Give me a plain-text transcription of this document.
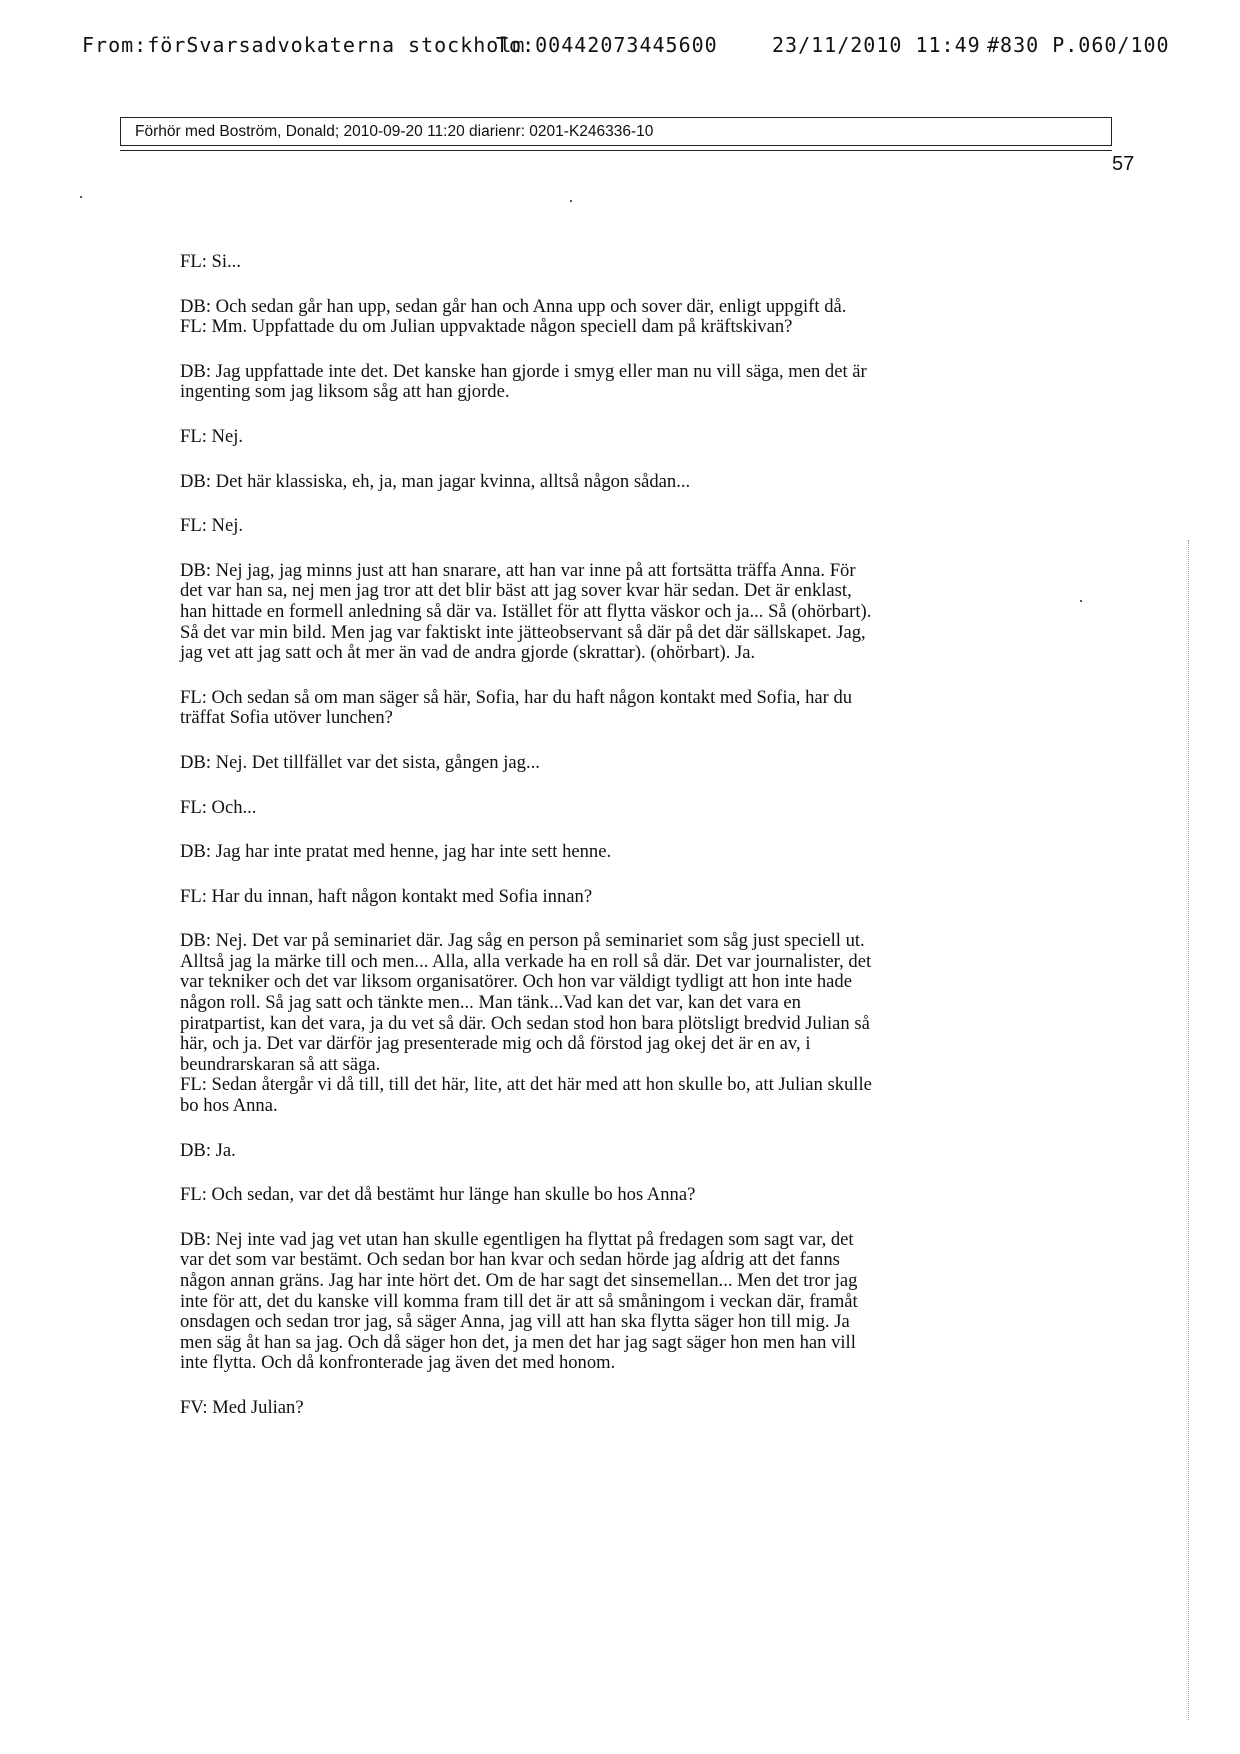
From:förSvarsadvokaterna stockholm

To:00442073445600

	23/11/2010 11:49

#830 P.060/100

Förhör med Boström, Donald; 2010-09-20 11:20 diarienr: 0201-K246336-10
57

FL: Si...

DB: Och sedan går han upp, sedan går han och Anna upp och sover där, enligt uppgift då.

FL: Mm. Uppfattade du om Julian uppvaktade någon speciell dam på kräftskivan?

DB: Jag uppfattade inte det. Det kanske han gjorde i smyg eller man nu vill säga, men det är
ingenting som jag liksom såg att han gjorde.

FL: Nej.

DB: Det här klassiska, eh, ja, man jagar kvinna, alltså någon sådan...

FL: Nej.

DB: Nej jag, jag minns just att han snarare, att han var inne på att fortsätta träffa Anna. För
det var han sa, nej men jag tror att det blir bäst att jag sover kvar här sedan. Det är enklast,
han hittade en formell anledning så där va. Istället för att flytta väskor och ja... Så (ohörbart).
Så det var min bild. Men jag var faktiskt inte jätteobservant så där på det där sällskapet. Jag,
jag vet att jag satt och åt mer än vad de andra gjorde (skrattar). (ohörbart). Ja.

FL: Och sedan så om man säger så här, Sofia, har du haft någon kontakt med Sofia, har du
träffat Sofia utöver lunchen?

DB: Nej. Det tillfället var det sista, gången jag...

FL: Och...

DB: Jag har inte pratat med henne, jag har inte sett henne.

FL: Har du innan, haft någon kontakt med Sofia innan?

DB: Nej. Det var på seminariet där. Jag såg en person på seminariet som såg just speciell ut.
Alltså jag la märke till och men... Alla, alla verkade ha en roll så där. Det var journalister, det
var tekniker och det var liksom organisatörer. Och hon var väldigt tydligt att hon inte hade
någon roll. Så jag satt och tänkte men... Man tänk...Vad kan det var, kan det vara en
piratpartist, kan det vara, ja du vet så där. Och sedan stod hon bara plötsligt bredvid Julian så
här, och ja. Det var därför jag presenterade mig och då förstod jag okej det är en av, i
beundrarskaran så att säga.

FL: Sedan återgår vi då till, till det här, lite, att det här med att hon skulle bo, att Julian skulle
bo hos Anna.

DB: Ja.

FL: Och sedan, var det då bestämt hur länge han skulle bo hos Anna?

DB: Nej inte vad jag vet utan han skulle egentligen ha flyttat på fredagen som sagt var, det
var det som var bestämt. Och sedan bor han kvar och sedan hörde jag aldrig att det fanns
någon annan gräns. Jag har inte hört det. Om de har sagt det sinsemellan... Men det tror jag
inte för att, det du kanske vill komma fram till det är att så småningom i veckan där, framåt
onsdagen och sedan tror jag, så säger Anna, jag vill att han ska flytta säger hon till mig. Ja
men säg åt han sa jag. Och då säger hon det, ja men det har jag sagt säger hon men han vill
inte flytta. Och då konfronterade jag även det med honom.

FV: Med Julian?
